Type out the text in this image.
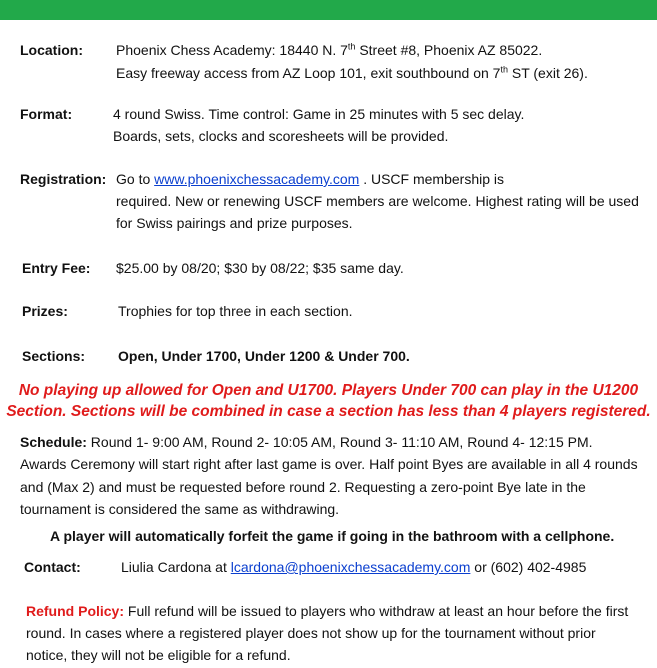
Location: Phoenix Chess Academy: 18440 N. 7th Street #8, Phoenix AZ 85022.
Easy freeway access from AZ Loop 101, exit southbound on 7th ST (exit 26).
Format:	4 round Swiss. Time control: Game in 25 minutes with 5 sec delay.
Boards, sets, clocks and scoresheets will be provided.
Registration: Go to www.phoenixchessacademy.com . USCF membership is
required. New or renewing USCF members are welcome. Highest rating will be used
for Swiss pairings and prize purposes.
Entry Fee: $25.00 by 08/20; $30 by 08/22; $35 same day.
Prizes:	Trophies for top three in each section.
Sections: Open, Under 1700, Under 1200 & Under 700.
No playing up allowed for Open and U1700. Players Under 700 can play in the U1200
Section. Sections will be combined in case a section has less than 4 players registered.
Schedule: Round 1- 9:00 AM, Round 2- 10:05 AM, Round 3- 11:10 AM, Round 4- 12:15 PM.
Awards Ceremony will start right after last game is over. Half point Byes are available in all 4 rounds
and (Max 2) and must be requested before round 2. Requesting a zero-point Bye late in the
tournament is considered the same as withdrawing.
A player will automatically forfeit the game if going in the bathroom with a cellphone.
Contact:	Liulia Cardona at lcardona@phoenixchessacademy.com or (602) 402-4985
Refund Policy: Full refund will be issued to players who withdraw at least an hour before the first
round. In cases where a registered player does not show up for the tournament without prior
notice, they will not be eligible for a refund.
